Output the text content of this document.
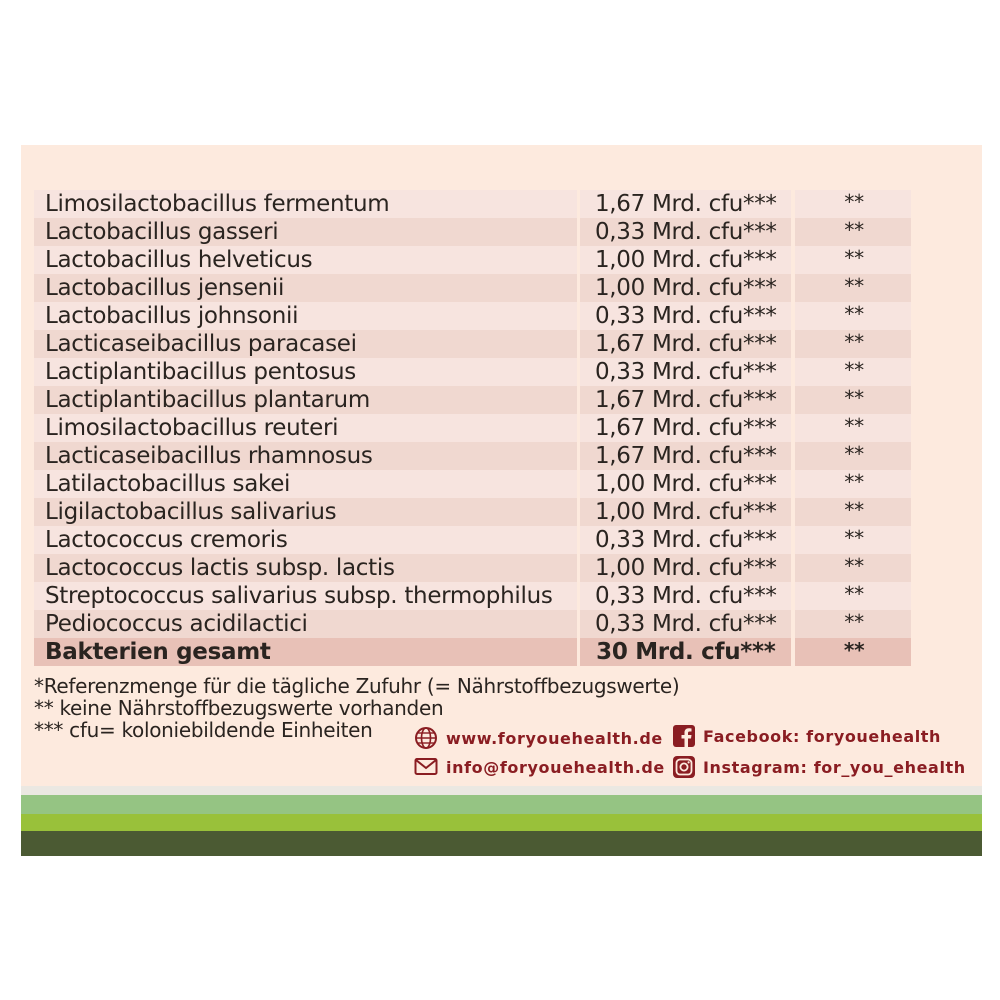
Limosilactobacillus fermentum	1,67 Mrd. cfu***	**
Lactobacillus gasseri	0,33 Mrd. cfu***	**
Lactobacillus helveticus	1,00 Mrd. cfu***	**
Lactobacillus jensenii	1,00 Mrd. cfu***	**
Lactobacillus johnsonii	0,33 Mrd. cfu***	**
Lacticaseibacillus paracasei	1,67 Mrd. cfu***	**
Lactiplantibacillus pentosus	0,33 Mrd. cfu***	**
Lactiplantibacillus plantarum	1,67 Mrd. cfu***	**
Limosilactobacillus reuteri	1,67 Mrd. cfu***	**
Lacticaseibacillus rhamnosus	1,67 Mrd. cfu***	**
Latilactobacillus sakei	1,00 Mrd. cfu***	**
Ligilactobacillus salivarius	1,00 Mrd. cfu***	**
Lactococcus cremoris	0,33 Mrd. cfu***	**
Lactococcus lactis subsp. lactis	1,00 Mrd. cfu***	**
Streptococcus salivarius subsp. thermophilus	0,33 Mrd. cfu***	**
Pediococcus acidilactici	0,33 Mrd. cfu***	**
Bakterien gesamt	30 Mrd. cfu***	**
*Referenzmenge für die tägliche Zufuhr (= Nährstoffbezugswerte)
** keine Nährstoffbezugswerte vorhanden
*** cfu= koloniebildende Einheiten	www.foryouehealth.de
info@foryouehealth.de
Facebook: foryouehealth
Instagram: for_you_ehealth
